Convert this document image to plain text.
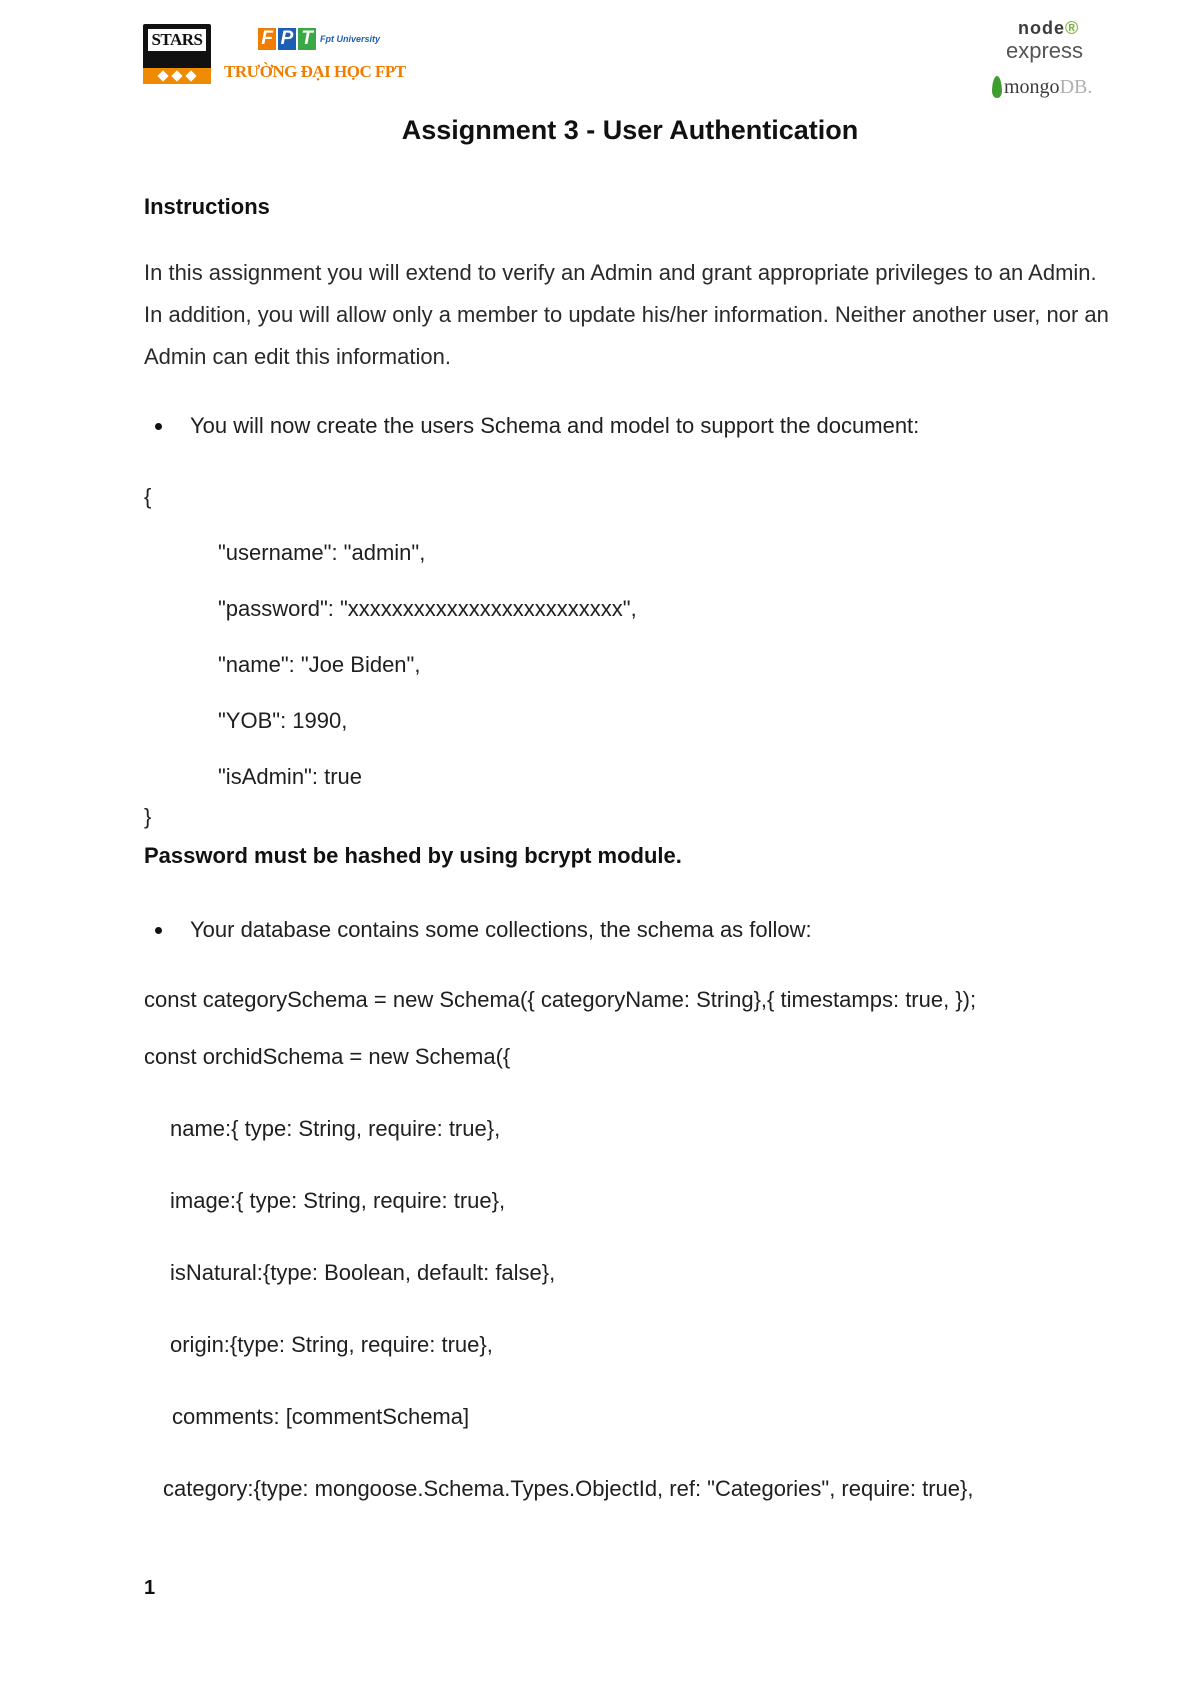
STARS	F P T Fpt University
TRƯỜNG ĐẠI HỌC FPT
node®
express
mongoDB.
Assignment 3 - User Authentication
Instructions
In this assignment you will extend to verify an Admin and grant appropriate privileges to an Admin. In addition, you will allow only a member to update his/her information. Neither another user, nor an Admin can edit this information.
You will now create the users Schema and model to support the document:
{
"username": "admin",
"password": "xxxxxxxxxxxxxxxxxxxxxxxxx",
"name": "Joe Biden",
"YOB": 1990,
"isAdmin": true
}
Password must be hashed by using bcrypt module.
Your database contains some collections, the schema as follow:
const categorySchema = new Schema({ categoryName: String},{ timestamps: true, });
const orchidSchema = new Schema({
name:{ type: String, require: true},
image:{ type: String, require: true},
isNatural:{type: Boolean, default: false},
origin:{type: String, require: true},
comments: [commentSchema]
category:{type: mongoose.Schema.Types.ObjectId, ref: "Categories", require: true},
1
